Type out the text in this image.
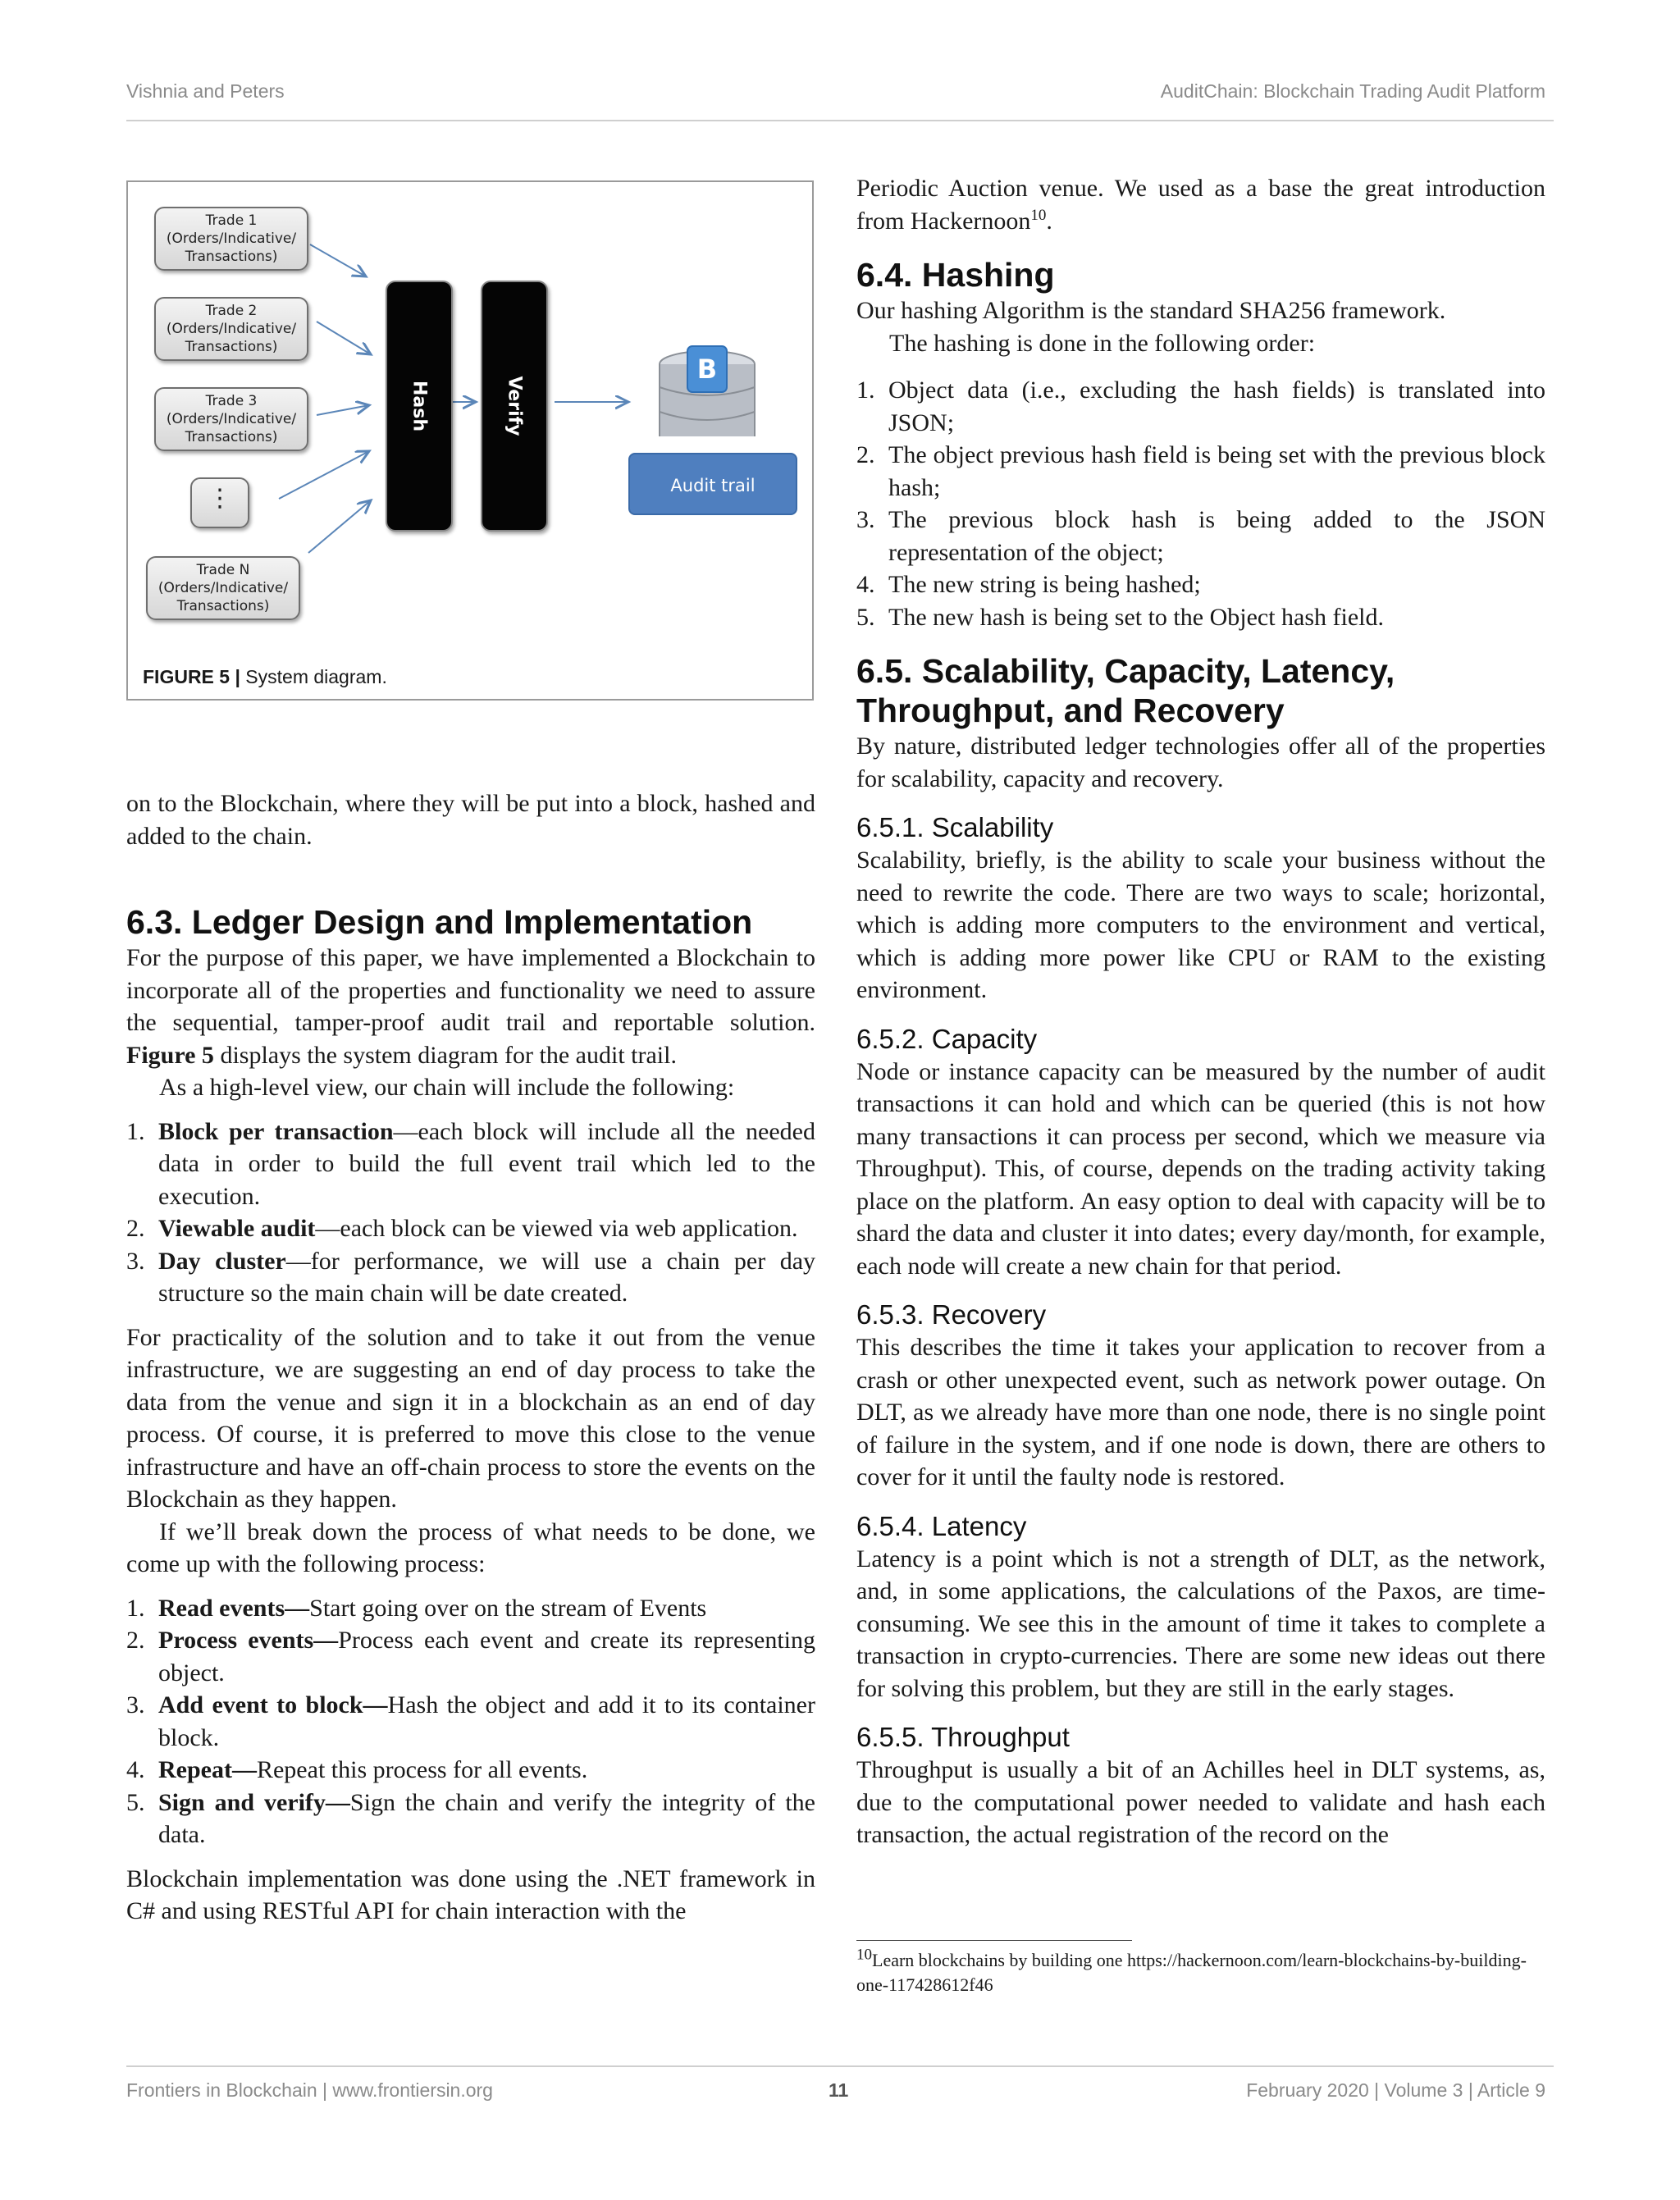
Vishnia and Peters	AuditChain: Blockchain Trading Audit Platform
B
Trade 1
(Orders/Indicative/
Transactions)
Trade 2
(Orders/Indicative/
Transactions)
Trade 3
(Orders/Indicative/
Transactions)
⋮
Trade N
(Orders/Indicative/
Transactions)
Hash	Verify
Audit trail
FIGURE 5 | System diagram.

on to the Blockchain, where they will be put into a block, hashed and added to the chain.

6.3. Ledger Design and Implementation

For the purpose of this paper, we have implemented a Blockchain to incorporate all of the properties and functionality we need to assure the sequential, tamper-proof audit trail and reportable solution. Figure 5 displays the system diagram for the audit trail.

As a high-level view, our chain will include the following:

1. Block per transaction—each block will include all the needed data in order to build the full event trail which led to the execution.
2. Viewable audit—each block can be viewed via web application.
3. Day cluster—for performance, we will use a chain per day structure so the main chain will be date created.

For practicality of the solution and to take it out from the venue infrastructure, we are suggesting an end of day process to take the data from the venue and sign it in a blockchain as an end of day process. Of course, it is preferred to move this close to the venue infrastructure and have an off-chain process to store the events on the Blockchain as they happen.

If we’ll break down the process of what needs to be done, we come up with the following process:

1. Read events—Start going over on the stream of Events
2. Process events—Process each event and create its representing object.
3. Add event to block—Hash the object and add it to its container block.
4. Repeat—Repeat this process for all events.
5. Sign and verify—Sign the chain and verify the integrity of the data.

Blockchain implementation was done using the .NET framework in C# and using RESTful API for chain interaction with the

Periodic Auction venue. We used as a base the great introduction from Hackernoon$^{10}$.

6.4. Hashing

Our hashing Algorithm is the standard SHA256 framework.

The hashing is done in the following order:

1. Object data (i.e., excluding the hash fields) is translated into JSON;
2. The object previous hash field is being set with the previous block hash;
3. The previous block hash is being added to the JSON representation of the object;
4. The new string is being hashed;
5. The new hash is being set to the Object hash field.
6.5. Scalability, Capacity, Latency, Throughput, and Recovery

By nature, distributed ledger technologies offer all of the properties for scalability, capacity and recovery.

6.5.1. Scalability

Scalability, briefly, is the ability to scale your business without the need to rewrite the code. There are two ways to scale; horizontal, which is adding more computers to the environment and vertical, which is adding more power like CPU or RAM to the existing environment.

6.5.2. Capacity

Node or instance capacity can be measured by the number of audit transactions it can hold and which can be queried (this is not how many transactions it can process per second, which we measure via Throughput). This, of course, depends on the trading activity taking place on the platform. An easy option to deal with capacity will be to shard the data and cluster it into dates; every day/month, for example, each node will create a new chain for that period.

6.5.3. Recovery

This describes the time it takes your application to recover from a crash or other unexpected event, such as network power outage. On DLT, as we already have more than one node, there is no single point of failure in the system, and if one node is down, there are others to cover for it until the faulty node is restored.

6.5.4. Latency

Latency is a point which is not a strength of DLT, as the network, and, in some applications, the calculations of the Paxos, are time-consuming. We see this in the amount of time it takes to complete a transaction in crypto-currencies. There are some new ideas out there for solving this problem, but they are still in the early stages.

6.5.5. Throughput

Throughput is usually a bit of an Achilles heel in DLT systems, as, due to the computational power needed to validate and hash each transaction, the actual registration of the record on the

$^{10}$Learn blockchains by building one https://hackernoon.com/learn-blockchains-by-building-one-117428612f46
Frontiers in Blockchain | www.frontiersin.org	11	February 2020 | Volume 3 | Article 9
